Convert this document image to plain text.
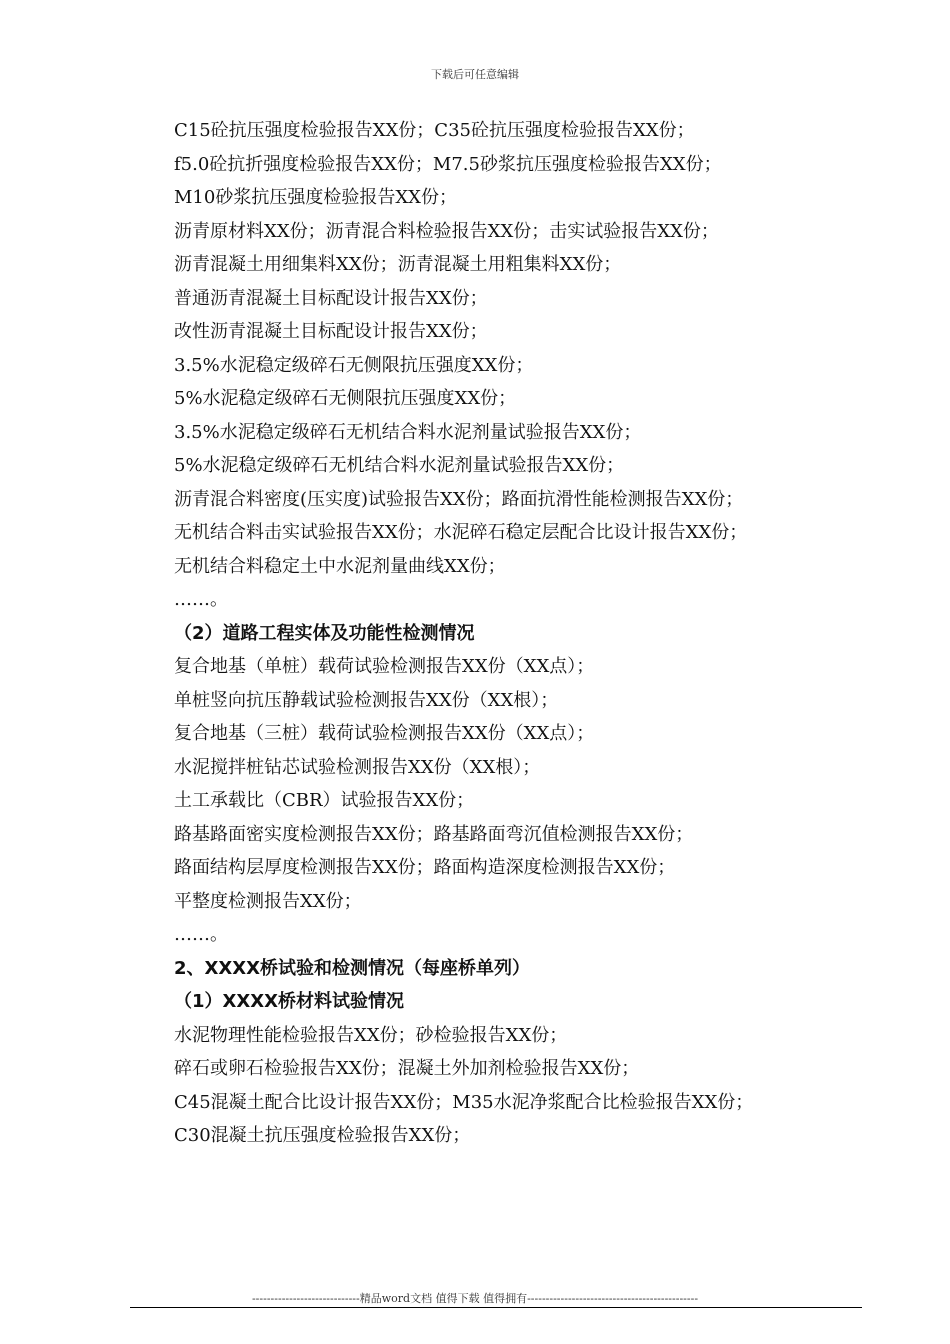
下载后可任意编辑
C15砼抗压强度检验报告XX份；C35砼抗压强度检验报告XX份；
f5.0砼抗折强度检验报告XX份；M7.5砂浆抗压强度检验报告XX份；
M10砂浆抗压强度检验报告XX份；
沥青原材料XX份；沥青混合料检验报告XX份；击实试验报告XX份；
沥青混凝土用细集料XX份；沥青混凝土用粗集料XX份；
普通沥青混凝土目标配设计报告XX份；
改性沥青混凝土目标配设计报告XX份；
3.5%水泥稳定级碎石无侧限抗压强度XX份；
5%水泥稳定级碎石无侧限抗压强度XX份；
3.5%水泥稳定级碎石无机结合料水泥剂量试验报告XX份；
5%水泥稳定级碎石无机结合料水泥剂量试验报告XX份；
沥青混合料密度(压实度)试验报告XX份；路面抗滑性能检测报告XX份；
无机结合料击实试验报告XX份；水泥碎石稳定层配合比设计报告XX份；
无机结合料稳定土中水泥剂量曲线XX份；
……。
（2）道路工程实体及功能性检测情况
复合地基（单桩）载荷试验检测报告XX份（XX点）；
单桩竖向抗压静载试验检测报告XX份（XX根）；
复合地基（三桩）载荷试验检测报告XX份（XX点）；
水泥搅拌桩钻芯试验检测报告XX份（XX根）；
土工承载比（CBR）试验报告XX份；
路基路面密实度检测报告XX份；路基路面弯沉值检测报告XX份；
路面结构层厚度检测报告XX份；路面构造深度检测报告XX份；
平整度检测报告XX份；
……。
2、XXXX桥试验和检测情况（每座桥单列）
（1）XXXX桥材料试验情况
水泥物理性能检验报告XX份；砂检验报告XX份；
碎石或卵石检验报告XX份；混凝土外加剂检验报告XX份；
C45混凝土配合比设计报告XX份；M35水泥净浆配合比检验报告XX份；
C30混凝土抗压强度检验报告XX份；
-----------------------------精品word文档 值得下载 值得拥有----------------------------------------------
